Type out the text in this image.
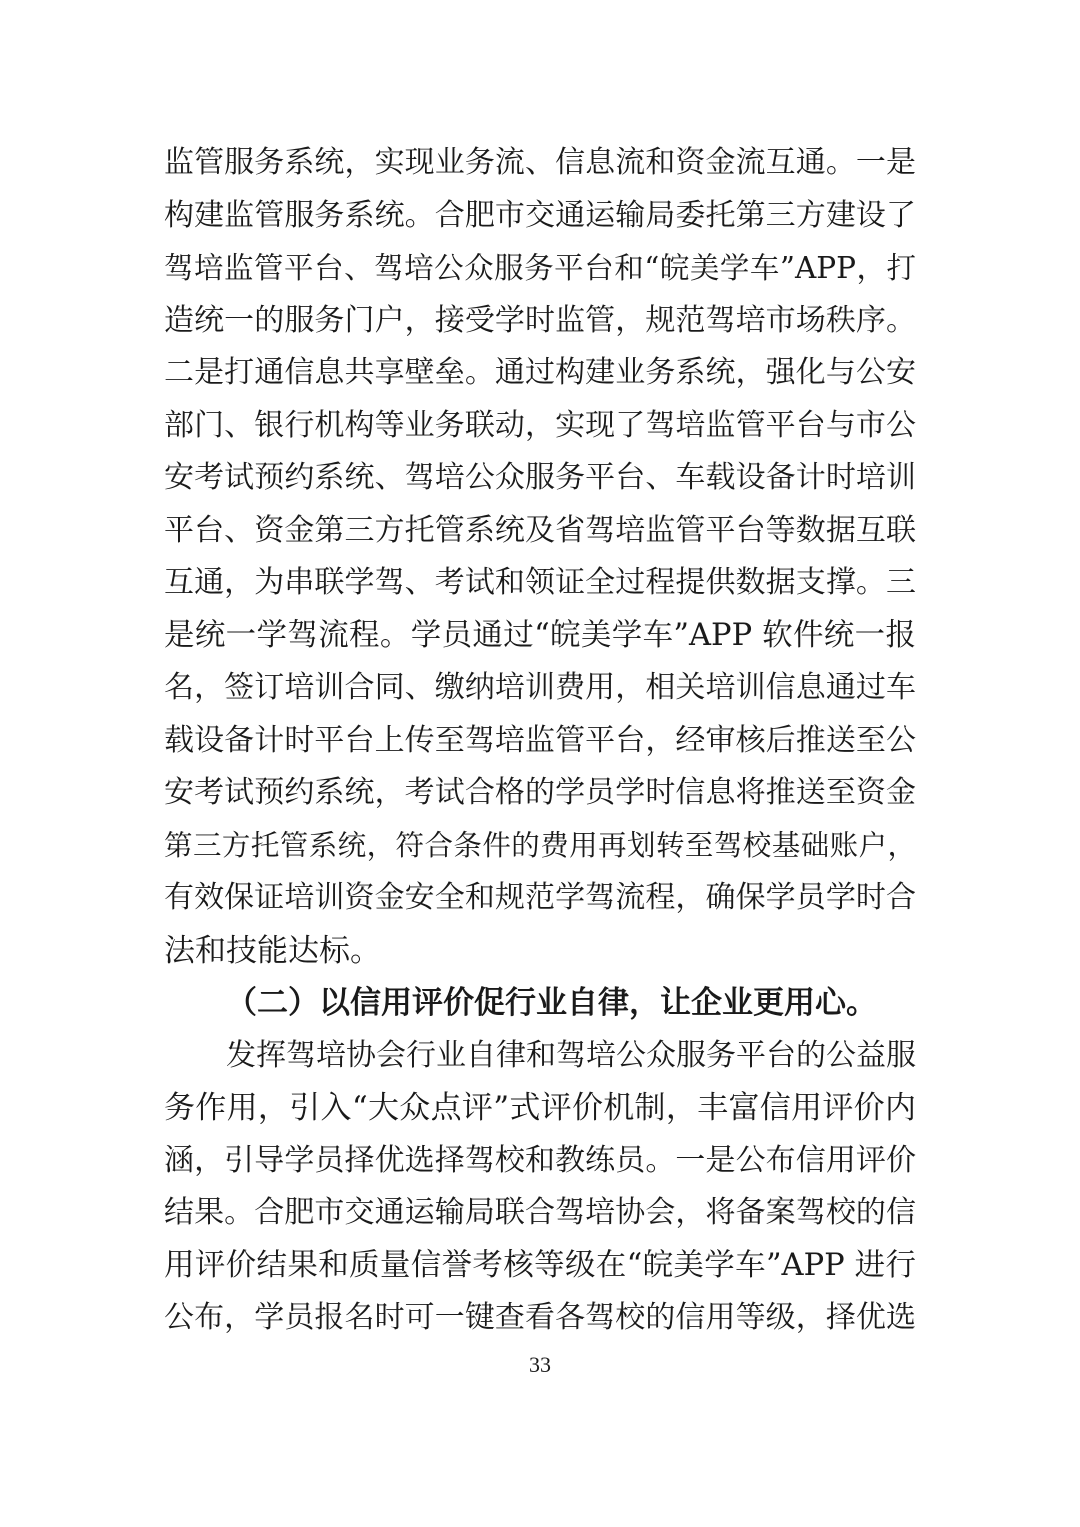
监管服务系统，实现业务流、信息流和资金流互通。一是
构建监管服务系统。合肥市交通运输局委托第三方建设了
驾培监管平台、驾培公众服务平台和“皖美学车”APP，打
造统一的服务门户，接受学时监管，规范驾培市场秩序。
二是打通信息共享壁垒。通过构建业务系统，强化与公安
部门、银行机构等业务联动，实现了驾培监管平台与市公
安考试预约系统、驾培公众服务平台、车载设备计时培训
平台、资金第三方托管系统及省驾培监管平台等数据互联
互通，为串联学驾、考试和领证全过程提供数据支撑。三
是统一学驾流程。学员通过“皖美学车”APP 软件统一报
名，签订培训合同、缴纳培训费用，相关培训信息通过车
载设备计时平台上传至驾培监管平台，经审核后推送至公
安考试预约系统，考试合格的学员学时信息将推送至资金
第三方托管系统，符合条件的费用再划转至驾校基础账户，
有效保证培训资金安全和规范学驾流程，确保学员学时合
法和技能达标。
（二）以信用评价促行业自律，让企业更用心。
发挥驾培协会行业自律和驾培公众服务平台的公益服
务作用，引入“大众点评”式评价机制，丰富信用评价内
涵，引导学员择优选择驾校和教练员。一是公布信用评价
结果。合肥市交通运输局联合驾培协会，将备案驾校的信
用评价结果和质量信誉考核等级在“皖美学车”APP 进行
公布，学员报名时可一键查看各驾校的信用等级，择优选
33
